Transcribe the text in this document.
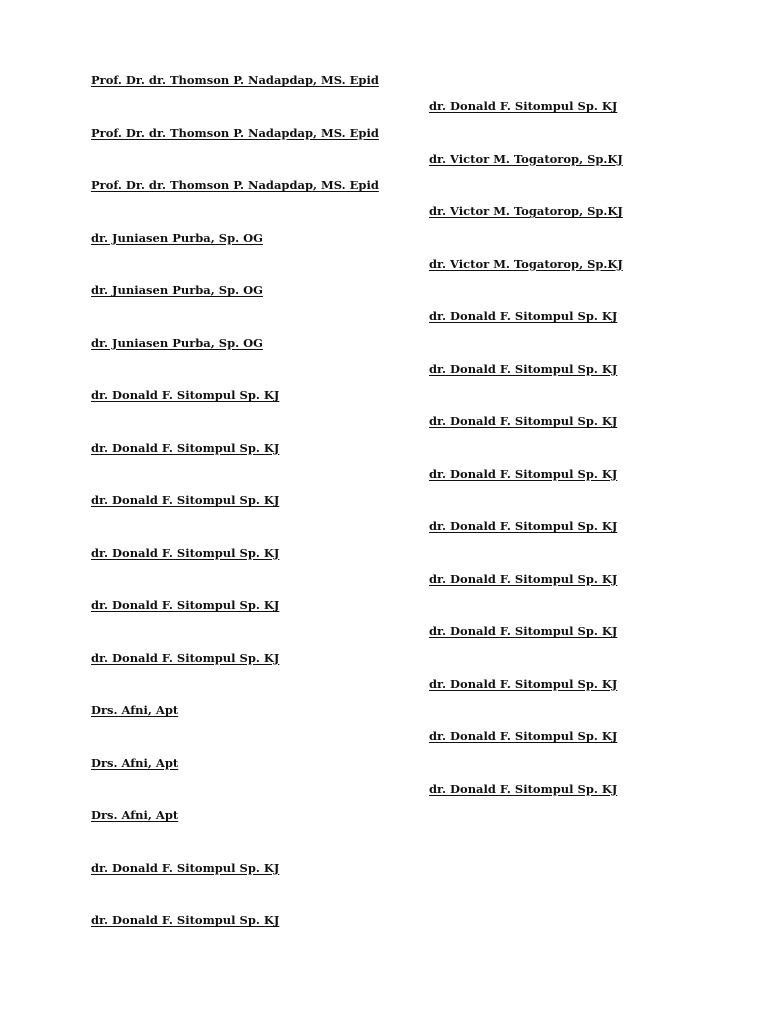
Prof. Dr. dr. Thomson P. Nadapdap, MS. Epid
Prof. Dr. dr. Thomson P. Nadapdap, MS. Epid
Prof. Dr. dr. Thomson P. Nadapdap, MS. Epid
dr. Juniasen Purba, Sp. OG
dr. Juniasen Purba, Sp. OG
dr. Juniasen Purba, Sp. OG
dr. Donald F. Sitompul Sp. KJ
dr. Donald F. Sitompul Sp. KJ
dr. Donald F. Sitompul Sp. KJ
dr. Donald F. Sitompul Sp. KJ
dr. Donald F. Sitompul Sp. KJ
dr. Donald F. Sitompul Sp. KJ
Drs. Afni, Apt
Drs. Afni, Apt
Drs. Afni, Apt
dr. Donald F. Sitompul Sp. KJ
dr. Donald F. Sitompul Sp. KJ
dr. Donald F. Sitompul Sp. KJ
dr. Victor M. Togatorop, Sp.KJ
dr. Victor M. Togatorop, Sp.KJ
dr. Victor M. Togatorop, Sp.KJ
dr. Donald F. Sitompul Sp. KJ
dr. Donald F. Sitompul Sp. KJ
dr. Donald F. Sitompul Sp. KJ
dr. Donald F. Sitompul Sp. KJ
dr. Donald F. Sitompul Sp. KJ
dr. Donald F. Sitompul Sp. KJ
dr. Donald F. Sitompul Sp. KJ
dr. Donald F. Sitompul Sp. KJ
dr. Donald F. Sitompul Sp. KJ
dr. Donald F. Sitompul Sp. KJ
